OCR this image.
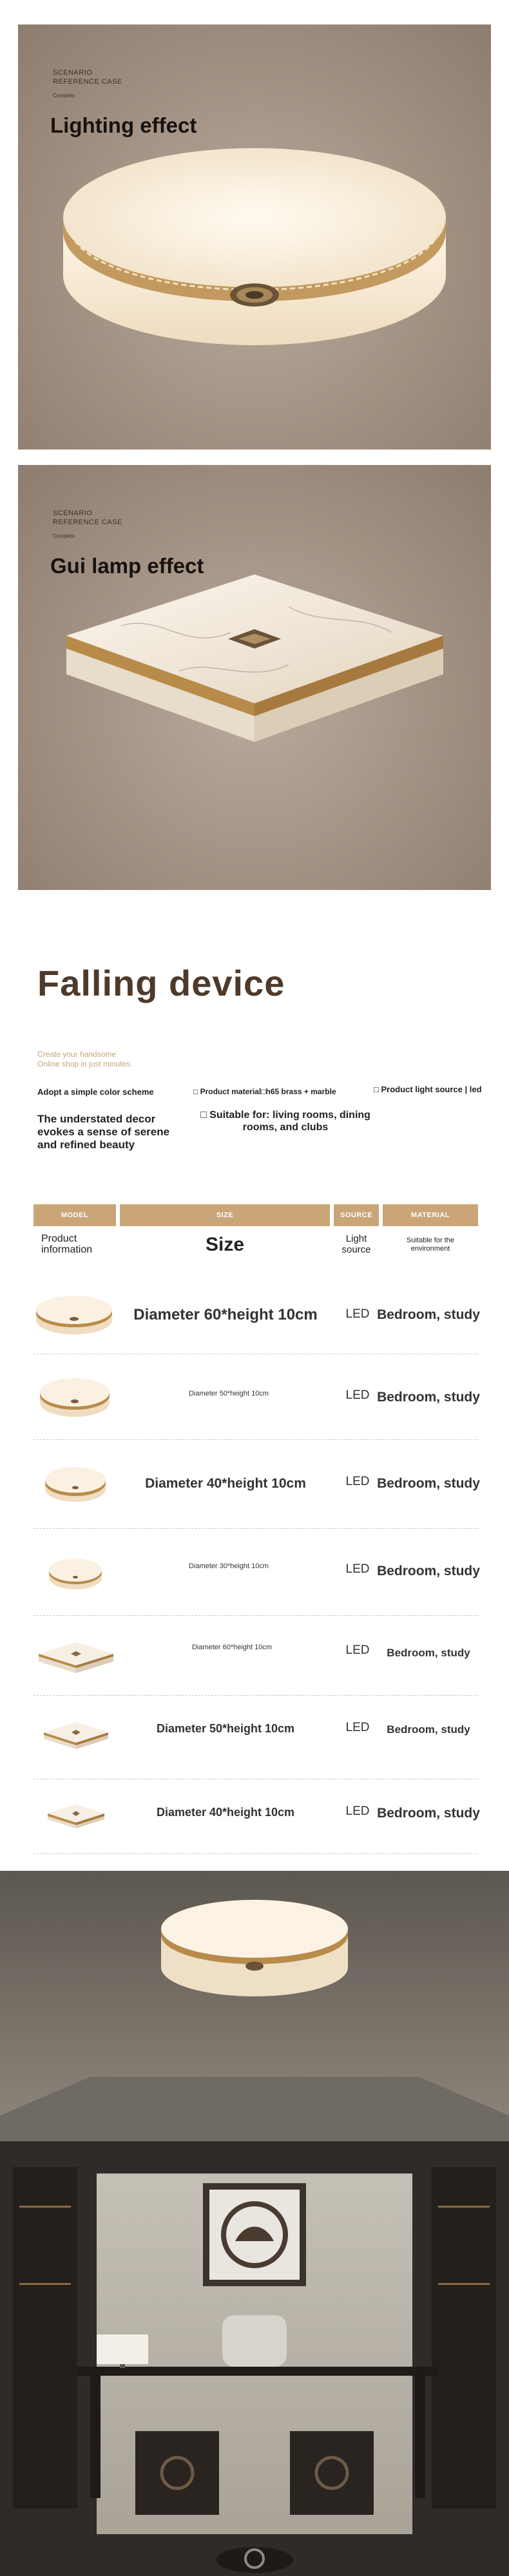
SCENARIO
REFERENCE CASE
Completo
Lighting effect
SCENARIO
REFERENCE CASE
Completo
Gui lamp effect
Falling device
Create your handsome
Online shop in just minutes.
Adopt a simple color scheme	□ Product material□h65 brass + marble	□ Product light source | led
The understated decor
evokes a sense of serene
and refined beauty
□ Suitable for: living rooms, dining
rooms, and clubs
MODEL	SIZE	SOURCE	MATERIAL
Product
information	Size	Light
source
Suitable for the
environment
Diameter 60*height 10cm	LED Bedroom, study
Diameter 50*height 10cm	LED Bedroom, study
Diameter 40*height 10cm	LED Bedroom, study
Diameter 30*height 10cm	LED Bedroom, study
Diameter 60*height 10cm	LED	Bedroom, study
Diameter 50*height 10cm	LED	Bedroom, study
Diameter 40*height 10cm	LED Bedroom, study
